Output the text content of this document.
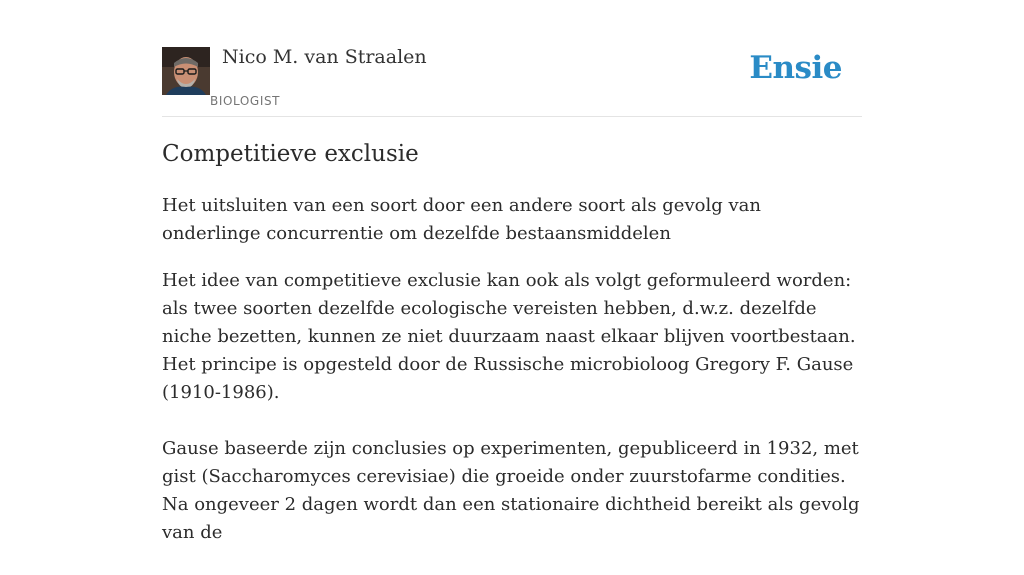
Nico M. van Straalen
BIOLOGIST
Ensie
Competitieve exclusie

Het uitsluiten van een soort door een andere soort als gevolg van onderlinge concurrentie om dezelfde bestaansmiddelen

Het idee van competitieve exclusie kan ook als volgt geformuleerd worden: als twee soorten dezelfde ecologische vereisten hebben, d.w.z. dezelfde niche bezetten, kunnen ze niet duurzaam naast elkaar blijven voortbestaan. Het principe is opgesteld door de Russische microbioloog Gregory F. Gause (1910-1986).

Gause baseerde zijn conclusies op experimenten, gepubliceerd in 1932, met gist (Saccharomyces cerevisiae) die groeide onder zuurstofarme condities. Na ongeveer 2 dagen wordt dan een stationaire dichtheid bereikt als gevolg van de
